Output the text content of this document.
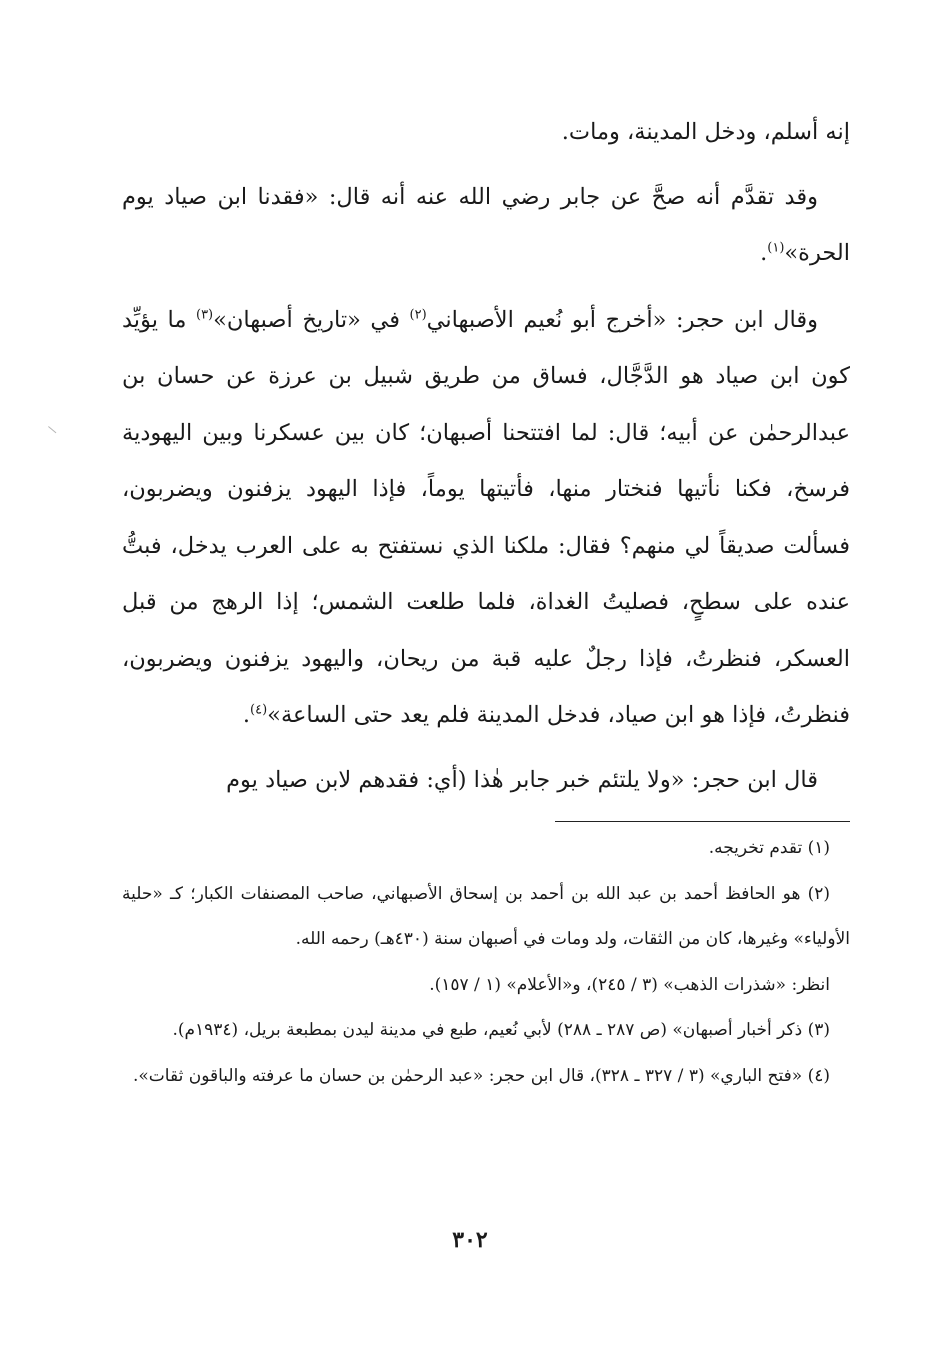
إنه أسلم، ودخل المدينة، ومات.

وقد تقدَّم أنه صحَّ عن جابر رضي الله عنه أنه قال: «فقدنا ابن صياد يوم الحرة»$^{(١)}$.

وقال ابن حجر: «أخرج أبو نُعيم الأصبهاني$^{(٢)}$ في «تاريخ أصبهان»$^{(٣)}$ ما يؤيِّد كون ابن صياد هو الدَّجَّال، فساق من طريق شبيل بن عرزة عن حسان بن عبدالرحمٰن عن أبيه؛ قال: لما افتتحنا أصبهان؛ كان بين عسكرنا وبين اليهودية فرسخ، فكنا نأتيها فنختار منها، فأتيتها يوماً، فإذا اليهود يزفنون ويضربون، فسألت صديقاً لي منهم؟ فقال: ملكنا الذي نستفتح به على العرب يدخل، فبتُّ عنده على سطحٍ، فصليتُ الغداة، فلما طلعت الشمس؛ إذا الرهج من قبل العسكر، فنظرتُ، فإذا رجلٌ عليه قبة من ريحان، واليهود يزفنون ويضربون، فنظرتُ، فإذا هو ابن صياد، فدخل المدينة فلم يعد حتى الساعة»$^{(٤)}$.

قال ابن حجر: «ولا يلتئم خبر جابر هٰذا (أي: فقدهم لابن صياد يوم

(١) تقدم تخريجه.

(٢) هو الحافظ أحمد بن عبد الله بن أحمد بن إسحاق الأصبهاني، صاحب المصنفات الكبار؛ كـ «حلية الأولياء» وغيرها، كان من الثقات، ولد ومات في أصبهان سنة (٤٣٠هـ) رحمه الله.

انظر: «شذرات الذهب» (٣ / ٢٤٥)، و«الأعلام» (١ / ١٥٧).

(٣) ذكر أخبار أصبهان» (ص ٢٨٧ ـ ٢٨٨) لأبي نُعيم، طبع في مدينة ليدن بمطبعة بريل، (١٩٣٤م).

(٤) «فتح الباري» (٣ / ٣٢٧ ـ ٣٢٨)، قال ابن حجر: «عبد الرحمٰن بن حسان ما عرفته والباقون ثقات».

٣٠٢
